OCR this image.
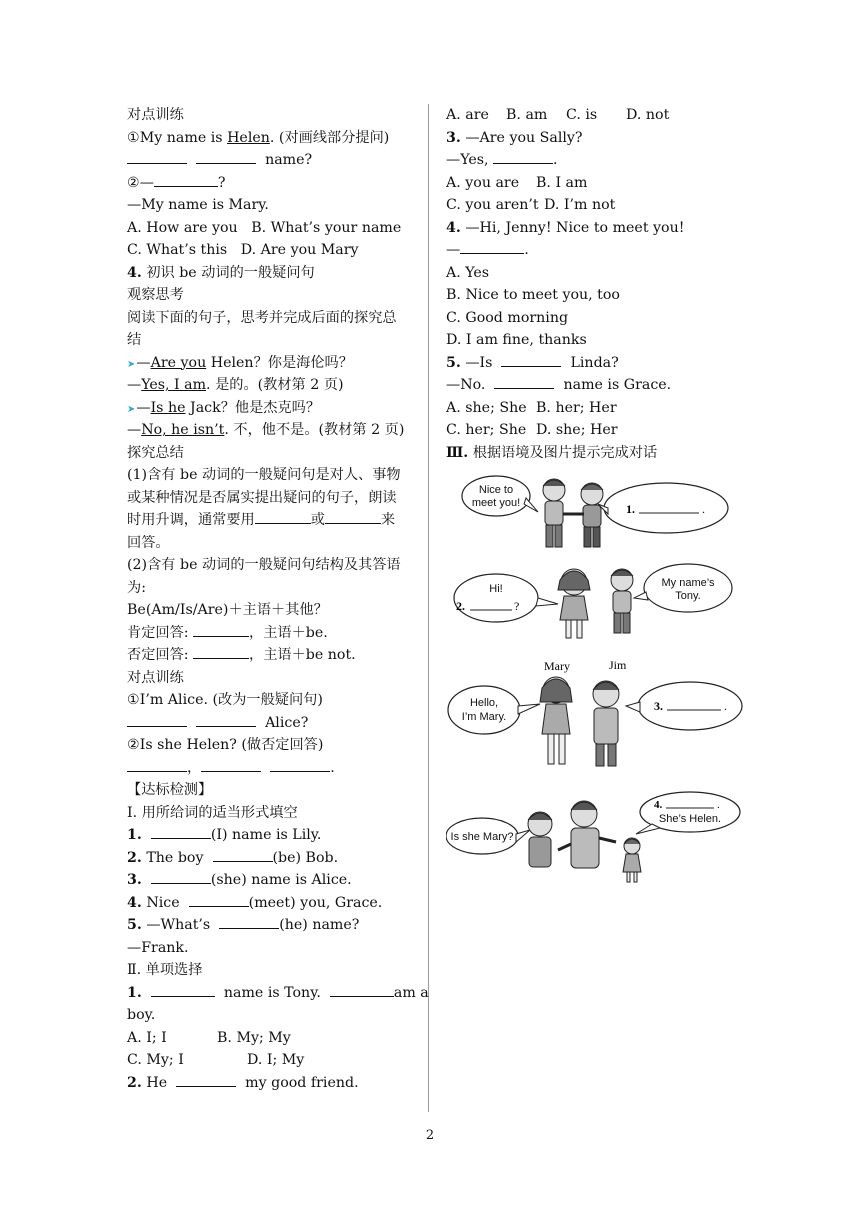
对点训练
①My name is Helen. (对画线部分提问)
name?
②—	?
—My name is Mary.
A. How are you B. What’s your name
C. What’s this D. Are you Mary
4. 初识 be 动词的一般疑问句
观察思考
阅读下面的句子，思考并完成后面的探究总
结
➤—Are you Helen？你是海伦吗？
—Yes, I am. 是的。(教材第 2 页)
➤—Is he Jack？他是杰克吗？
—No, he isn’t. 不，他不是。(教材第 2 页)
探究总结
(1)含有 be 动词的一般疑问句是对人、事物
或某种情况是否属实提出疑问的句子，朗读
时用升调，通常要用	或	来
回答。
(2)含有 be 动词的一般疑问句结构及其答语
为:
Be(Am/Is/Are)＋主语＋其他？
肯定回答:	，主语＋be.
否定回答:	，主语＋be not.
对点训练
①I’m Alice. (改为一般疑问句)
Alice?
②Is she Helen? (做否定回答)
，	.
【达标检测】
Ⅰ. 用所给词的适当形式填空
1.	(I) name is Lily.
2. The boy	(be) Bob.
3.	(she) name is Alice.
4. Nice	(meet) you, Grace.
5. —What’s	(he) name?
—Frank.
Ⅱ. 单项选择
1.	name is Tony.	am a
boy.
A. I; I	B. My; My
C. My; I	D. I; My
2. He	my good friend.
A. are B. am C. is D. not
3. —Are you Sally?
—Yes,	.
A. you are B. I am
C. you aren’t D. I’m not
4. —Hi, Jenny! Nice to meet you!
—	.
A. Yes
B. Nice to meet you, too
C. Good morning
D. I am fine, thanks
5. —Is	Linda?
—No.	name is Grace.
A. she; She B. her; Her
C. her; She D. she; Her
Ⅲ. 根据语境及图片提示完成对话
Nice to
meet you!	1.	.
Hi!
2.	?
My name’s
Tony.
Mary	Jim
Hello,
I’m Mary.
3.	.
Is she Mary?
4.	.
She’s Helen.
2
